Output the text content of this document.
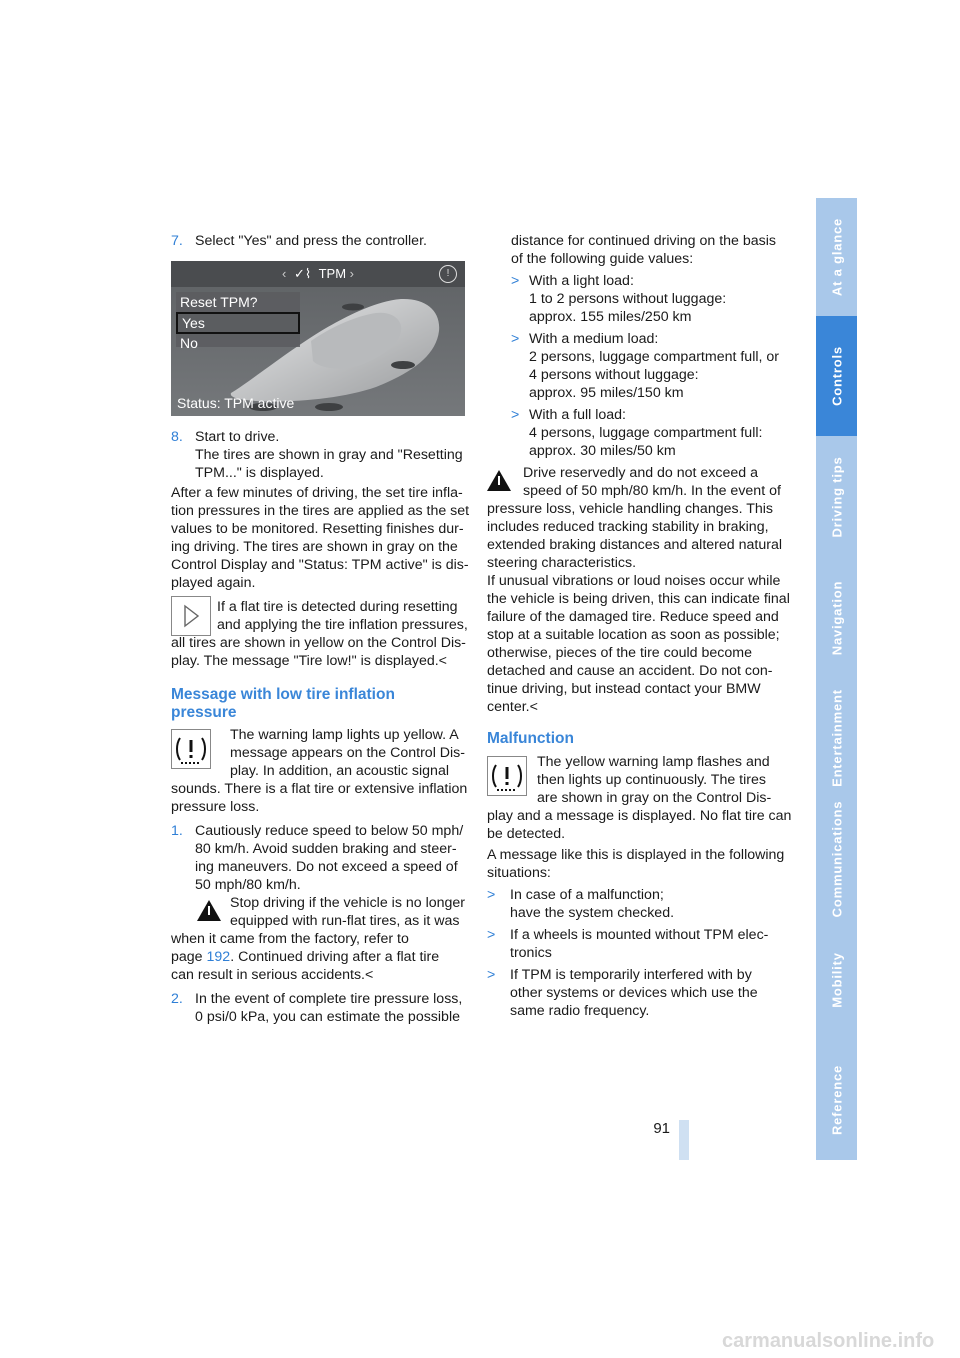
At a glance
Controls
Driving tips
Navigation
Entertainment
Communications
Mobility
Reference
91
7. Select "Yes" and press the controller.
‹ ✓⌇ TPM ›	!
Reset TPM?
Yes
No
Status: TPM active
8. Start to drive.
The tires are shown in gray and "Resetting
TPM..." is displayed.
After a few minutes of driving, the set tire infla-
tion pressures in the tires are applied as the set
values to be monitored. Resetting finishes dur-
ing driving. The tires are shown in gray on the
Control Display and "Status: TPM active" is dis-
played again.
If a flat tire is detected during resetting
and applying the tire inflation pressures,
all tires are shown in yellow on the Control Dis-
play. The message "Tire low!" is displayed.<
Message with low tire inflation
pressure
The warning lamp lights up yellow. A
message appears on the Control Dis-
play. In addition, an acoustic signal
sounds. There is a flat tire or extensive inflation
pressure loss.
1. Cautiously reduce speed to below 50 mph/
80 km/h. Avoid sudden braking and steer-
ing maneuvers. Do not exceed a speed of
50 mph/80 km/h.
Stop driving if the vehicle is no longer
equipped with run-flat tires, as it was
when it came from the factory, refer to
page 192. Continued driving after a flat tire
can result in serious accidents.<
2. In the event of complete tire pressure loss,
0 psi/0 kPa, you can estimate the possible
distance for continued driving on the basis
of the following guide values:
> With a light load:
1 to 2 persons without luggage:
approx. 155 miles/250 km
> With a medium load:
2 persons, luggage compartment full, or
4 persons without luggage:
approx. 95 miles/150 km
> With a full load:
4 persons, luggage compartment full:
approx. 30 miles/50 km
Drive reservedly and do not exceed a
speed of 50 mph/80 km/h. In the event of
pressure loss, vehicle handling changes. This
includes reduced tracking stability in braking,
extended braking distances and altered natural
steering characteristics.
If unusual vibrations or loud noises occur while
the vehicle is being driven, this can indicate final
failure of the damaged tire. Reduce speed and
stop at a suitable location as soon as possible;
otherwise, pieces of the tire could become
detached and cause an accident. Do not con-
tinue driving, but instead contact your BMW
center.<
Malfunction
The yellow warning lamp flashes and
then lights up continuously. The tires
are shown in gray on the Control Dis-
play and a message is displayed. No flat tire can
be detected.
A message like this is displayed in the following
situations:
> In case of a malfunction;
have the system checked.
> If a wheels is mounted without TPM elec-
tronics
> If TPM is temporarily interfered with by
other systems or devices which use the
same radio frequency.
carmanualsonline.info
